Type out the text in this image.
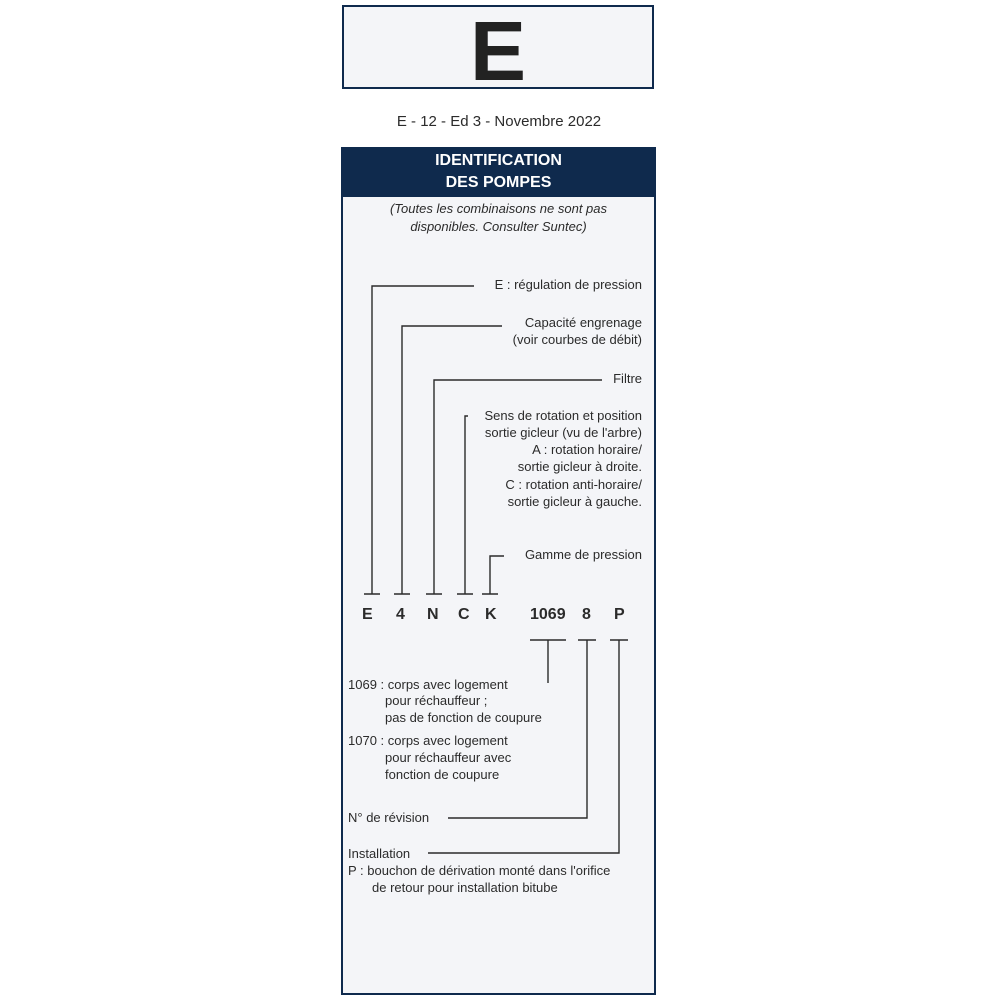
E
E - 12 - Ed 3 - Novembre 2022
IDENTIFICATION
DES POMPES
(Toutes les combinaisons ne sont pas
disponibles. Consulter Suntec)
E : régulation de pression
Capacité engrenage
(voir courbes de débit)
Filtre
Sens de rotation et position
sortie gicleur (vu de l'arbre)
A : rotation horaire/
sortie gicleur à droite.
C : rotation anti-horaire/
sortie gicleur à gauche.
Gamme de pression
E 4 N C K 1069 8 P
1069 : corps avec logement
pour réchauffeur ;
pas de fonction de coupure
1070 : corps avec logement
pour réchauffeur avec
fonction de coupure
N° de révision
Installation
P : bouchon de dérivation monté dans l'orifice
de retour pour installation bitube
